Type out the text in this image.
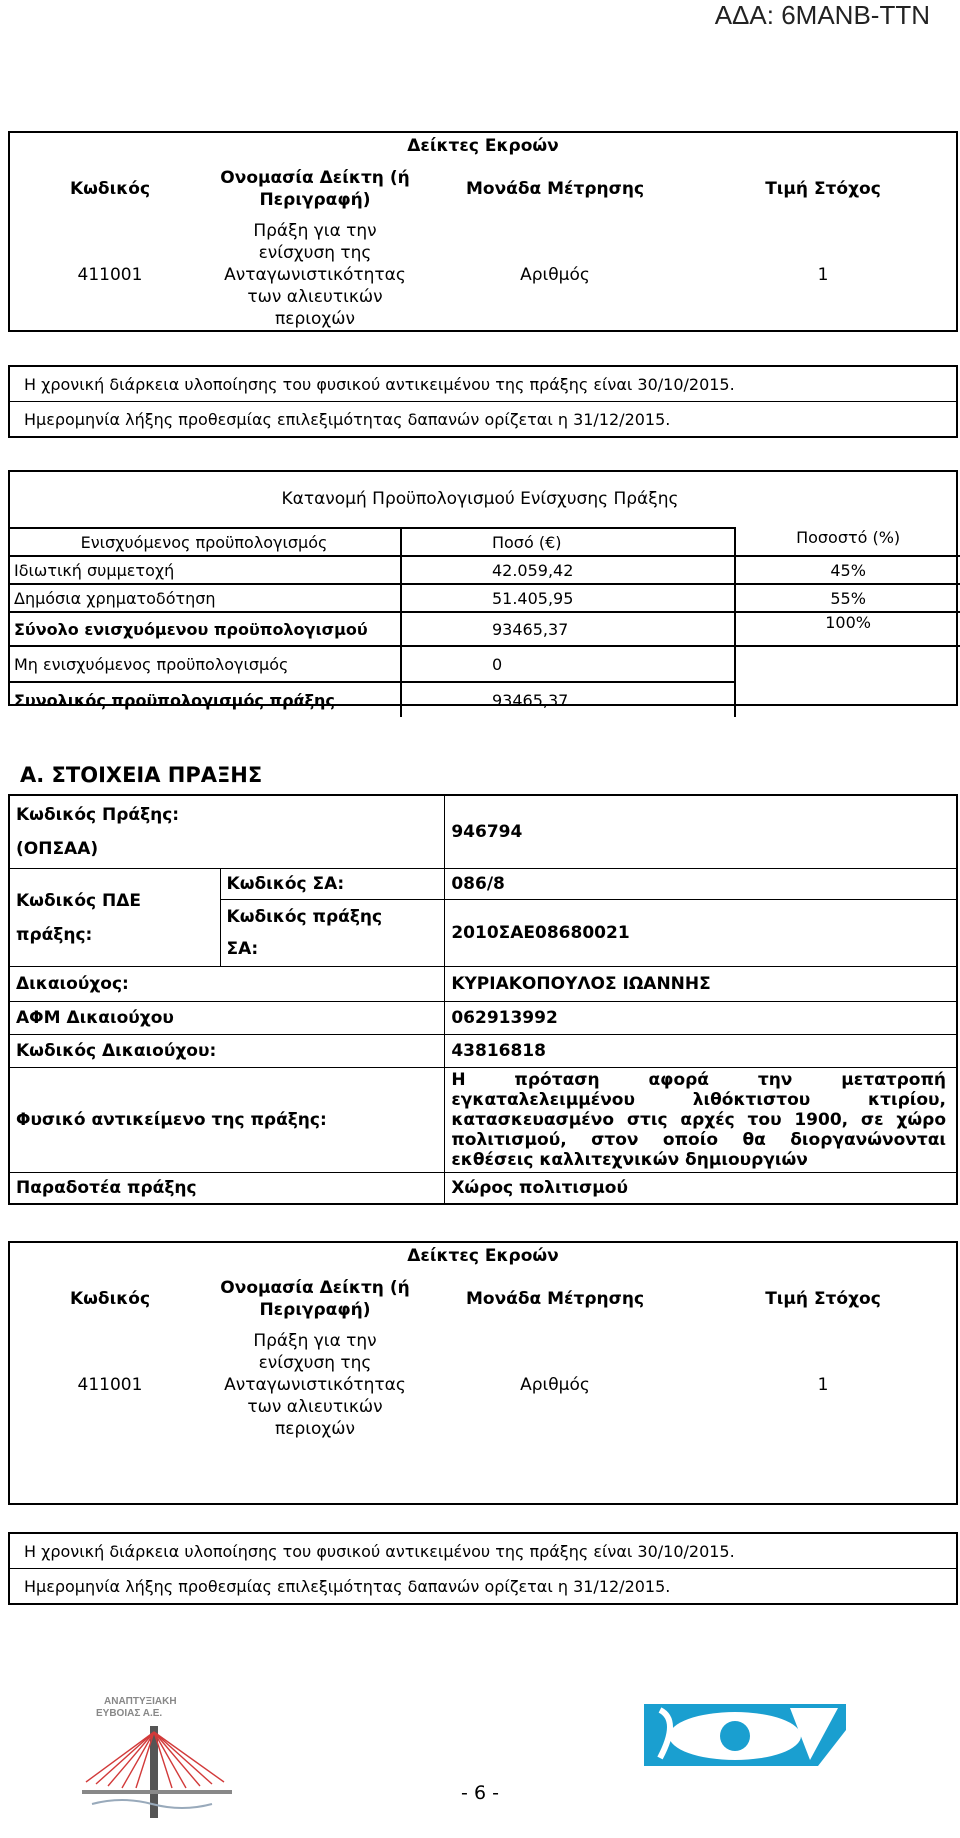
ΑΔΑ: 6ΜΑΝΒ-ΤΤΝ
Δείκτες Εκροών			
Κωδικός	Ονομασία Δείκτη (ή Περιγραφή)	Μονάδα Μέτρησης	Τιμή Στόχος
411001	Πράξη για την ενίσχυση της Ανταγωνιστικότητας των αλιευτικών περιοχών	Αριθμός	1
Η χρονική διάρκεια υλοποίησης του φυσικού αντικειμένου της πράξης είναι 30/10/2015.
Ημερομηνία λήξης προθεσμίας επιλεξιμότητας δαπανών ορίζεται η 31/12/2015.
Κατανομή Προϋπολογισμού Ενίσχυσης Πράξης
Ενισχυόμενος προϋπολογισμός	Ποσό (€)	Ποσοστό (%)
Ιδιωτική συμμετοχή	42.059,42	45%
Δημόσια χρηματοδότηση	51.405,95	55%
Σύνολο ενισχυόμενου προϋπολογισμού	93465,37	100%
Μη ενισχυόμενος προϋπολογισμός	0	
Συνολικός προϋπολογισμός πράξης	93465,37	
Α. ΣΤΟΙΧΕΙΑ ΠΡΑΞΗΣ
Κωδικός Πράξης:
(ΟΠΣΑΑ)		946794
Κωδικός ΠΔΕ
πράξης:	Κωδικός ΣΑ:	086/8
	Κωδικός πράξης
ΣΑ:	2010ΣΑΕ08680021
Δικαιούχος:		ΚΥΡΙΑΚΟΠΟΥΛΟΣ ΙΩΑΝΝΗΣ
ΑΦΜ Δικαιούχου		062913992
Κωδικός Δικαιούχου:		43816818
Φυσικό αντικείμενο της πράξης:		Η πρόταση αφορά την μετατροπή εγκαταλελειμμένου λιθόκτιστου κτιρίου, κατασκευασμένο στις αρχές του 1900, σε χώρο πολιτισμού, στον οποίο θα διοργανώνονται εκθέσεις καλλιτεχνικών δημιουργιών
Παραδοτέα πράξης		Χώρος πολιτισμού
Δείκτες Εκροών			
Κωδικός	Ονομασία Δείκτη (ή Περιγραφή)	Μονάδα Μέτρησης	Τιμή Στόχος
411001	Πράξη για την ενίσχυση της Ανταγωνιστικότητας των αλιευτικών περιοχών	Αριθμός	1

Η χρονική διάρκεια υλοποίησης του φυσικού αντικειμένου της πράξης είναι 30/10/2015.
Ημερομηνία λήξης προθεσμίας επιλεξιμότητας δαπανών ορίζεται η 31/12/2015.
ΑΝΑΠΤΥΞΙΑΚΗ
ΕΥΒΟΙΑΣ Α.Ε.
- 6 -
